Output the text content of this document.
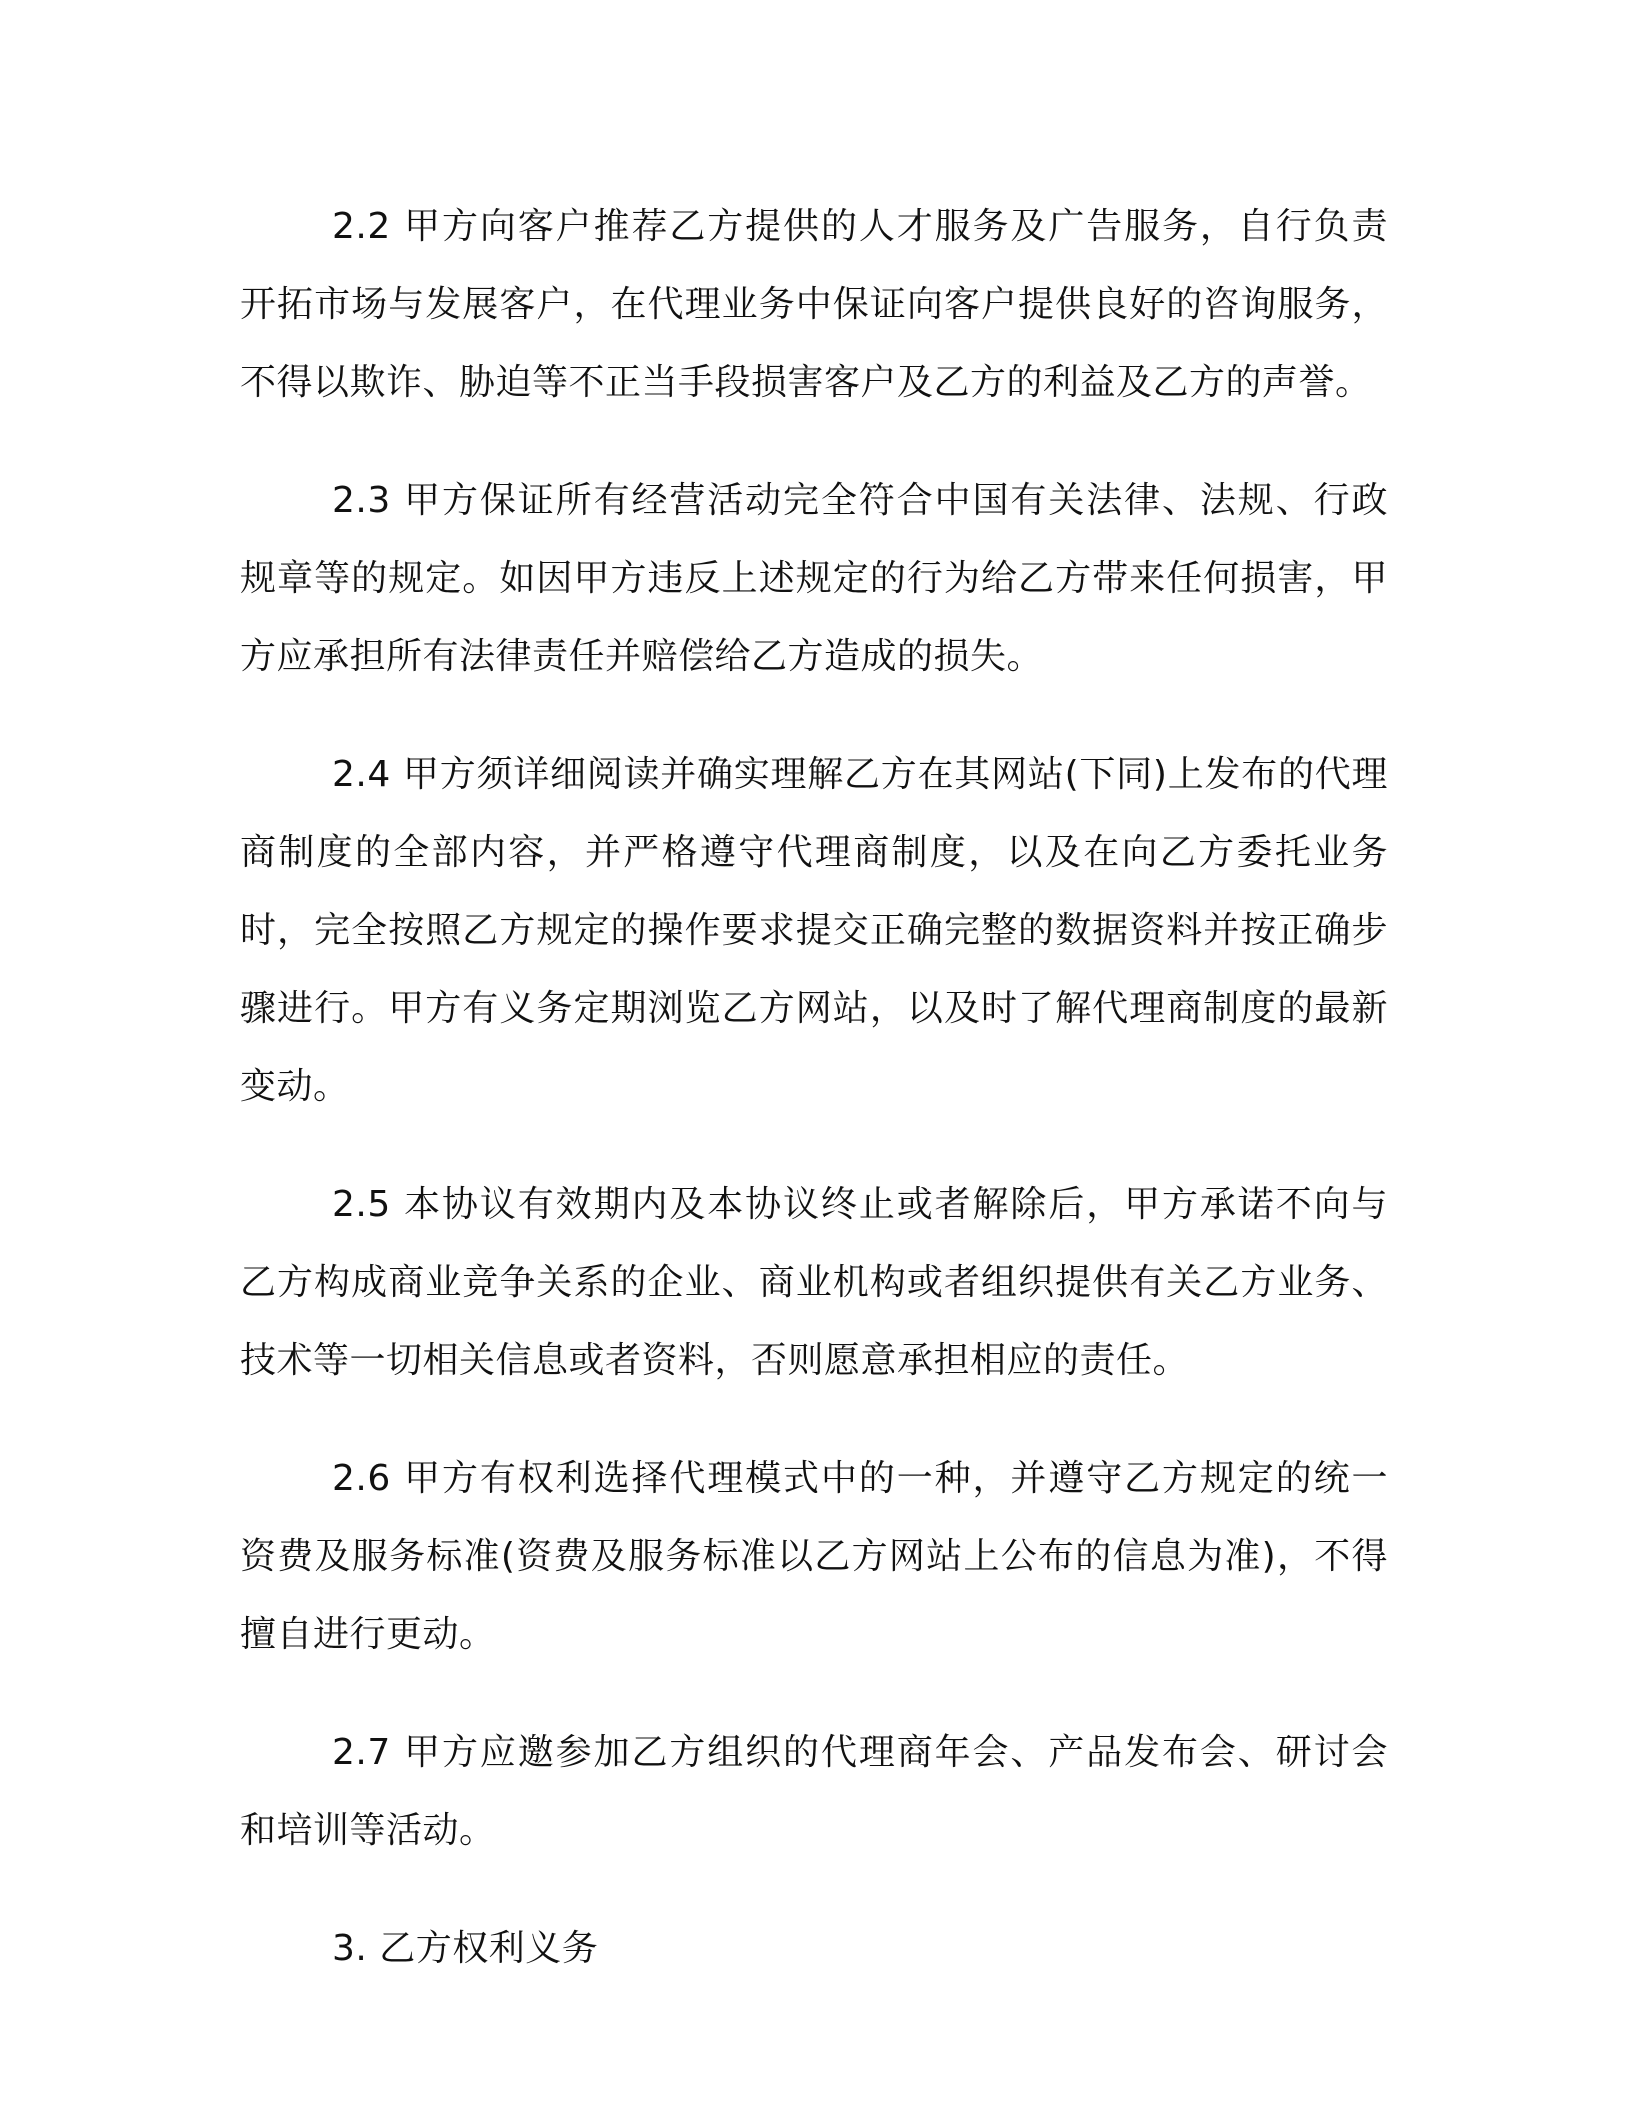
2.2 甲方向客户推荐乙方提供的人才服务及广告服务，自行负责开拓市场与发展客户，在代理业务中保证向客户提供良好的咨询服务，不得以欺诈、胁迫等不正当手段损害客户及乙方的利益及乙方的声誉。

2.3 甲方保证所有经营活动完全符合中国有关法律、法规、行政规章等的规定。如因甲方违反上述规定的行为给乙方带来任何损害，甲方应承担所有法律责任并赔偿给乙方造成的损失。

2.4 甲方须详细阅读并确实理解乙方在其网站(下同)上发布的代理商制度的全部内容，并严格遵守代理商制度，以及在向乙方委托业务时，完全按照乙方规定的操作要求提交正确完整的数据资料并按正确步骤进行。甲方有义务定期浏览乙方网站，以及时了解代理商制度的最新变动。

2.5 本协议有效期内及本协议终止或者解除后，甲方承诺不向与乙方构成商业竞争关系的企业、商业机构或者组织提供有关乙方业务、技术等一切相关信息或者资料，否则愿意承担相应的责任。

2.6 甲方有权利选择代理模式中的一种，并遵守乙方规定的统一资费及服务标准(资费及服务标准以乙方网站上公布的信息为准)，不得擅自进行更动。

2.7 甲方应邀参加乙方组织的代理商年会、产品发布会、研讨会和培训等活动。

3. 乙方权利义务
